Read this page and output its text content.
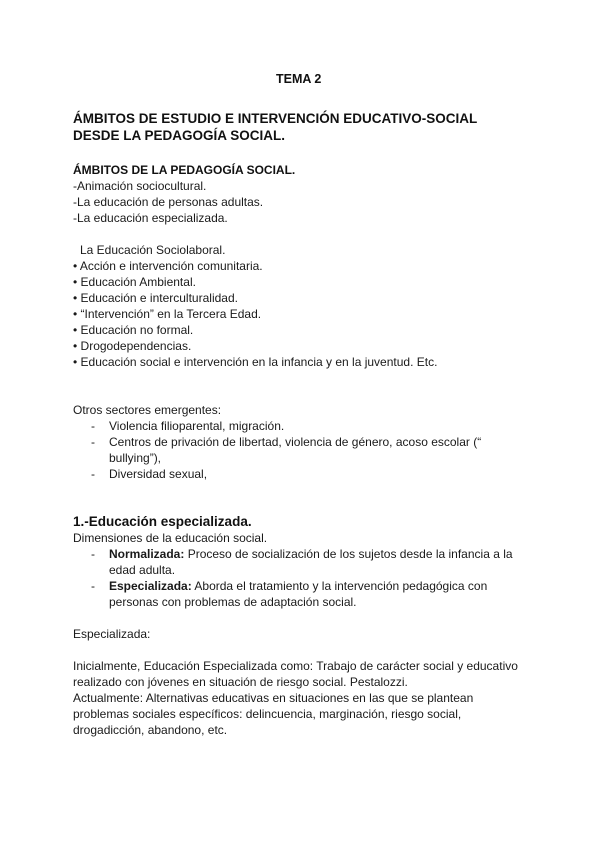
TEMA 2
ÁMBITOS DE ESTUDIO E INTERVENCIÓN EDUCATIVO-SOCIAL
DESDE LA PEDAGOGÍA SOCIAL.
ÁMBITOS DE LA PEDAGOGÍA SOCIAL.
-Animación sociocultural.
-La educación de personas adultas.
-La educación especializada.
La Educación Sociolaboral.
• Acción e intervención comunitaria.
• Educación Ambiental.
• Educación e interculturalidad.
• “Intervención” en la Tercera Edad.
• Educación no formal.
• Drogodependencias.
• Educación social e intervención en la infancia y en la juventud. Etc.
Otros sectores emergentes:
- Violencia filioparental, migración.
- Centros de privación de libertad, violencia de género, acoso escolar (“
bullying”),
- Diversidad sexual,
1.-Educación especializada.
Dimensiones de la educación social.
- Normalizada: Proceso de socialización de los sujetos desde la infancia a la
edad adulta.
- Especializada: Aborda el tratamiento y la intervención pedagógica con
personas con problemas de adaptación social.
Especializada:
Inicialmente, Educación Especializada como: Trabajo de carácter social y educativo
realizado con jóvenes en situación de riesgo social. Pestalozzi.
Actualmente: Alternativas educativas en situaciones en las que se plantean
problemas sociales específicos: delincuencia, marginación, riesgo social,
drogadicción, abandono, etc.
